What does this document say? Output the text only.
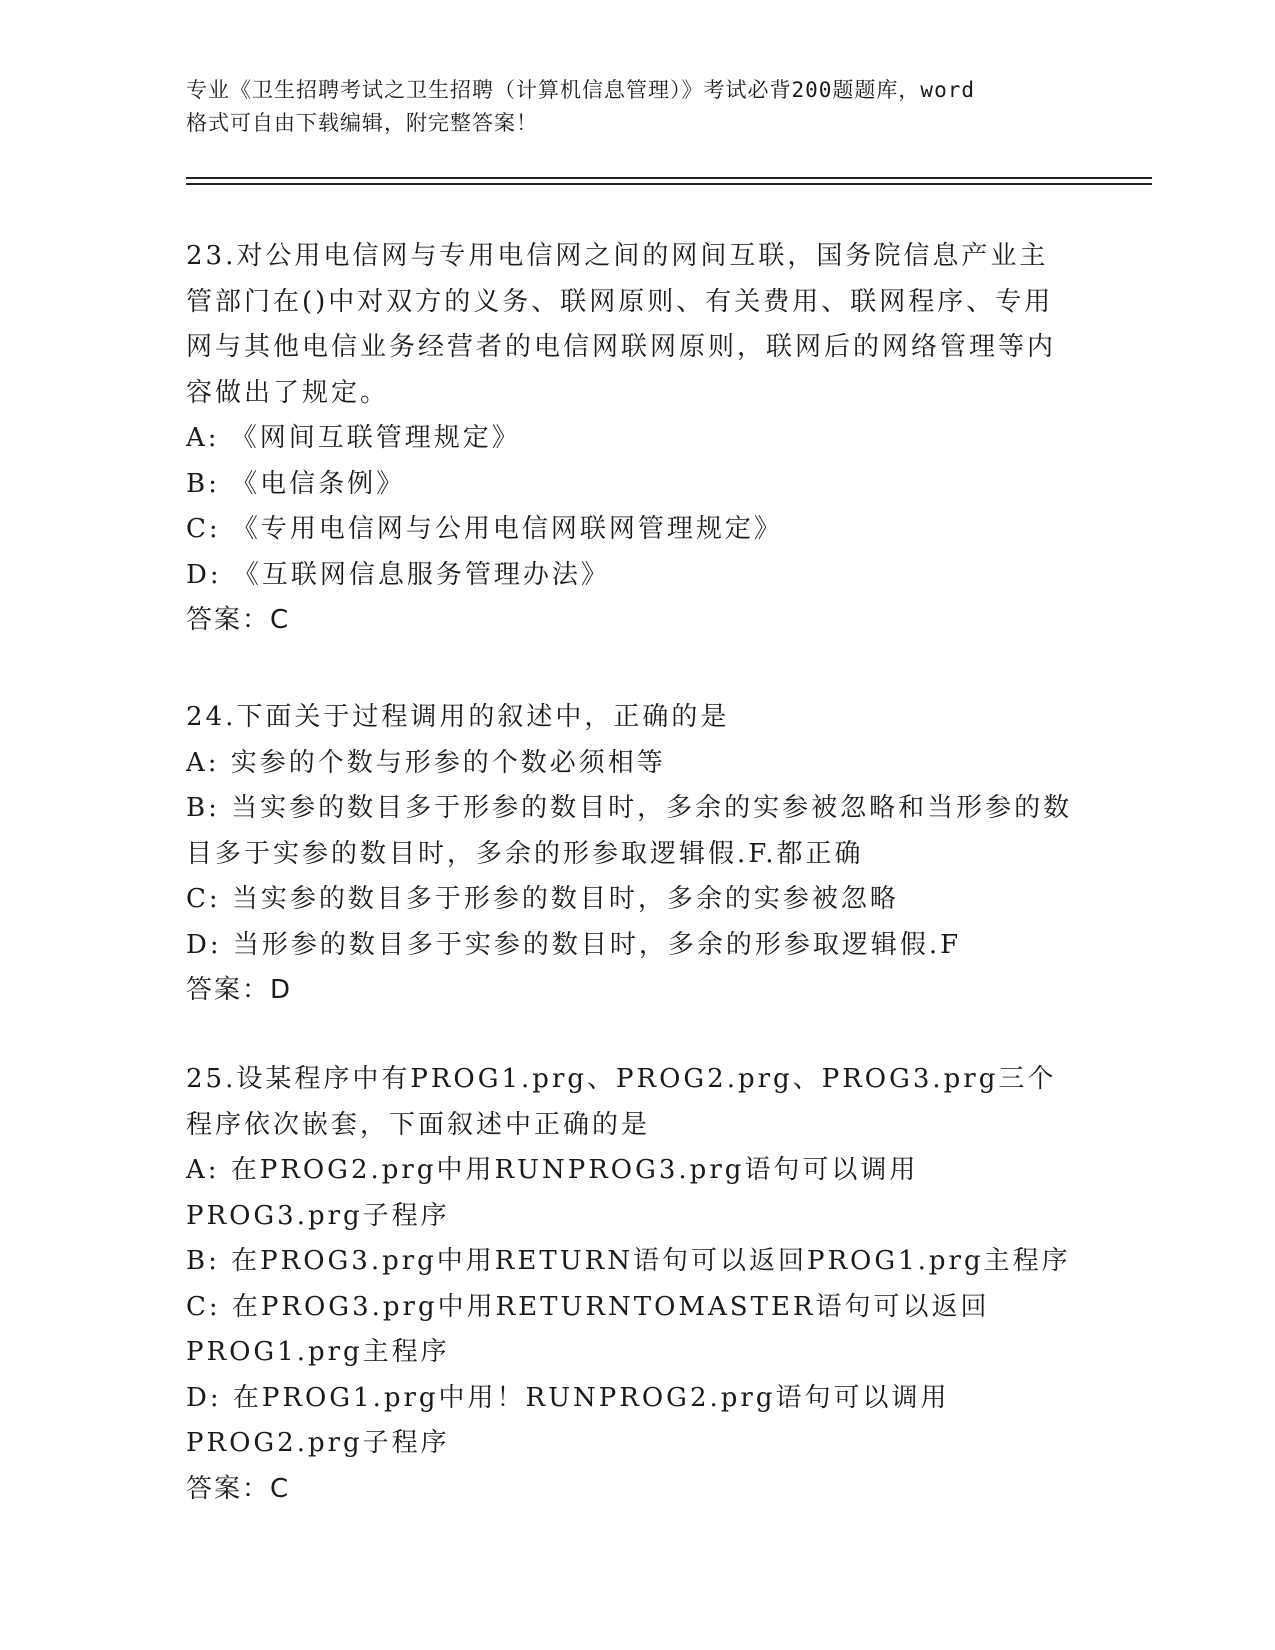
专业《卫生招聘考试之卫生招聘（计算机信息管理）》考试必背200题题库，word
格式可自由下载编辑，附完整答案！

23.对公用电信网与专用电信网之间的网间互联，国务院信息产业主管部门在()中对双方的义务、联网原则、有关费用、联网程序、专用网与其他电信业务经营者的电信网联网原则，联网后的网络管理等内容做出了规定。

A: 《网间互联管理规定》

B: 《电信条例》

C: 《专用电信网与公用电信网联网管理规定》

D: 《互联网信息服务管理办法》

答案：C

24.下面关于过程调用的叙述中，正确的是

A: 实参的个数与形参的个数必须相等

B: 当实参的数目多于形参的数目时，多余的实参被忽略和当形参的数目多于实参的数目时，多余的形参取逻辑假.F.都正确

C: 当实参的数目多于形参的数目时，多余的实参被忽略

D: 当形参的数目多于实参的数目时，多余的形参取逻辑假.F

答案：D

25.设某程序中有PROG1.prg、PROG2.prg、PROG3.prg三个程序依次嵌套，下面叙述中正确的是

A: 在PROG2.prg中用RUNPROG3.prg语句可以调用PROG3.prg子程序

B: 在PROG3.prg中用RETURN语句可以返回PROG1.prg主程序

C: 在PROG3.prg中用RETURNTOMASTER语句可以返回PROG1.prg主程序

D: 在PROG1.prg中用！RUNPROG2.prg语句可以调用PROG2.prg子程序

答案：C
